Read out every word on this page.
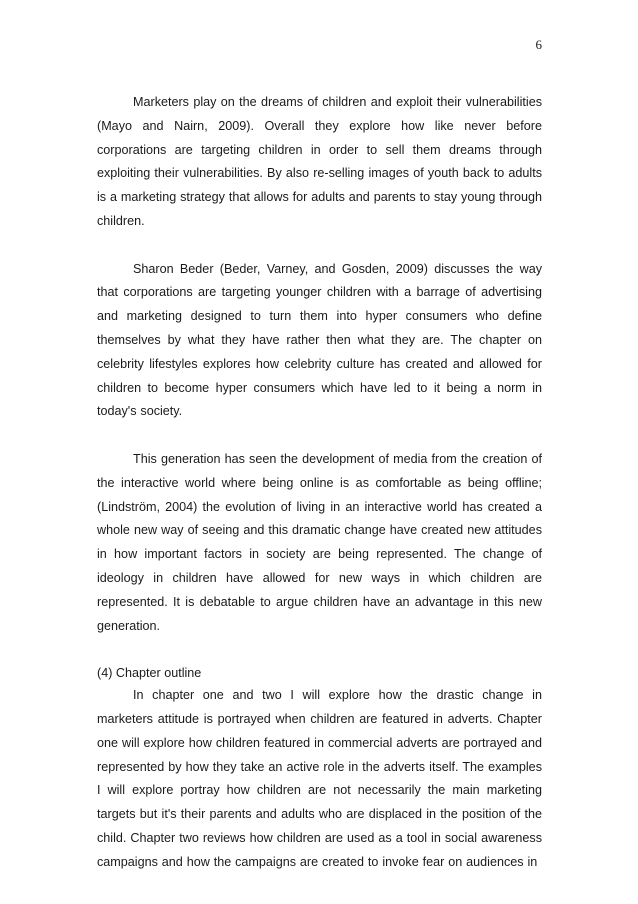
6

Marketers play on the dreams of children and exploit their vulnerabilities (Mayo and Nairn, 2009). Overall they explore how like never before corporations are targeting children in order to sell them dreams through exploiting their vulnerabilities. By also re-selling images of youth back to adults is a marketing strategy that allows for adults and parents to stay young through children.

Sharon Beder (Beder, Varney, and Gosden, 2009) discusses the way that corporations are targeting younger children with a barrage of advertising and marketing designed to turn them into hyper consumers who define themselves by what they have rather then what they are. The chapter on celebrity lifestyles explores how celebrity culture has created and allowed for children to become hyper consumers which have led to it being a norm in today's society.

This generation has seen the development of media from the creation of the interactive world where being online is as comfortable as being offline; (Lindström, 2004) the evolution of living in an interactive world has created a whole new way of seeing and this dramatic change have created new attitudes in how important factors in society are being represented. The change of ideology in children have allowed for new ways in which children are represented. It is debatable to argue children have an advantage in this new generation.

(4) Chapter outline

In chapter one and two I will explore how the drastic change in marketers attitude is portrayed when children are featured in adverts. Chapter one will explore how children featured in commercial adverts are portrayed and represented by how they take an active role in the adverts itself. The examples I will explore portray how children are not necessarily the main marketing targets but it's their parents and adults who are displaced in the position of the child. Chapter two reviews how children are used as a tool in social awareness campaigns and how the campaigns are created to invoke fear on audiences in
